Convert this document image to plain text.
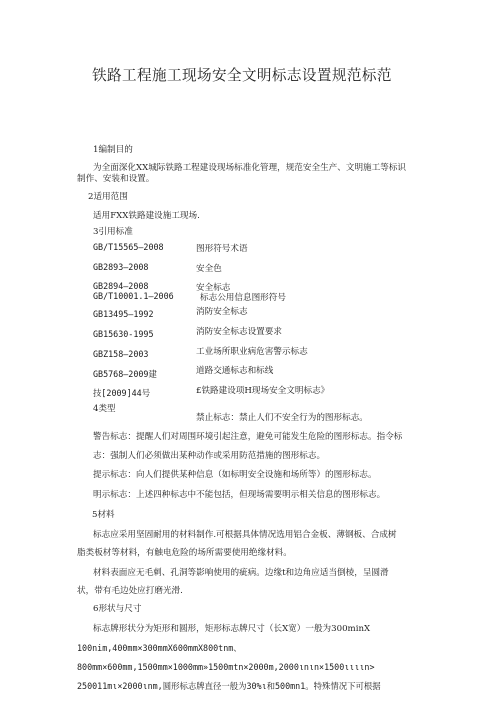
铁路工程施工现场安全文明标志设置规范标范
1编制目的
为全面深化XX城际铁路工程建设现场标准化管理，规范安全生产、文明施工等标识
制作、安装和设置。
2适用范围
适用FXX铁路建设施工现场.
3引用标准
GB/T15565—2008	图形符号术语
GB2893—2008	安全色
GB2894—2008	安全标志
GB/T10001.1—2006	标志公用信息图形符号
GB13495—1992	消防安全标志
GB15630-1995	消防安全标志设置要求
GBZ158—2003	工业场所职业病危害警示标志
GB5768—2009建	道路交通标志和标线
技[2009]44号	£铁路建设项H现场安全文明标志》
4类型
禁止标志：禁止人们不安全行为的图形标志。
警告标志：提醒人们对周围环境引起注意，避免可能发生危险的图形标志。指令标
志：强制人们必须做出某种动作或采用防范措施的图形标志。
提示标志：向人们提供某种信息（如标明安全设施和场所等）的图形标志。
明示标志：上述四种标志中不能包括，但现场需要明示相关信息的图形标志。
5材料
标志应采用坚固耐用的材料制作.可根据具体情况选用铝合金板、薄钢板、合成树
脂类板材等材料，有触电危险的场所需要使用绝缘材料。
材料表面应无毛刺、孔洞等影响使用的疵病。边缘t和边角应适当倒棱，呈圆滑
状，带有毛边处应打磨光滑.
6形状与尺寸
标志牌形状分为矩形和圆形，矩形标志牌尺寸（长X宽）一般为300minX
100nim,400mm×300mmX600mmX800tnm、
800mm×600mm,1500mm×1000mm»1500mtn×2000m,2000ιnιn×1500ιιιιn>
250011mι×2000ιnm,圆形标志牌直径一般为30%ι和500mn1。特殊情况下可根据
